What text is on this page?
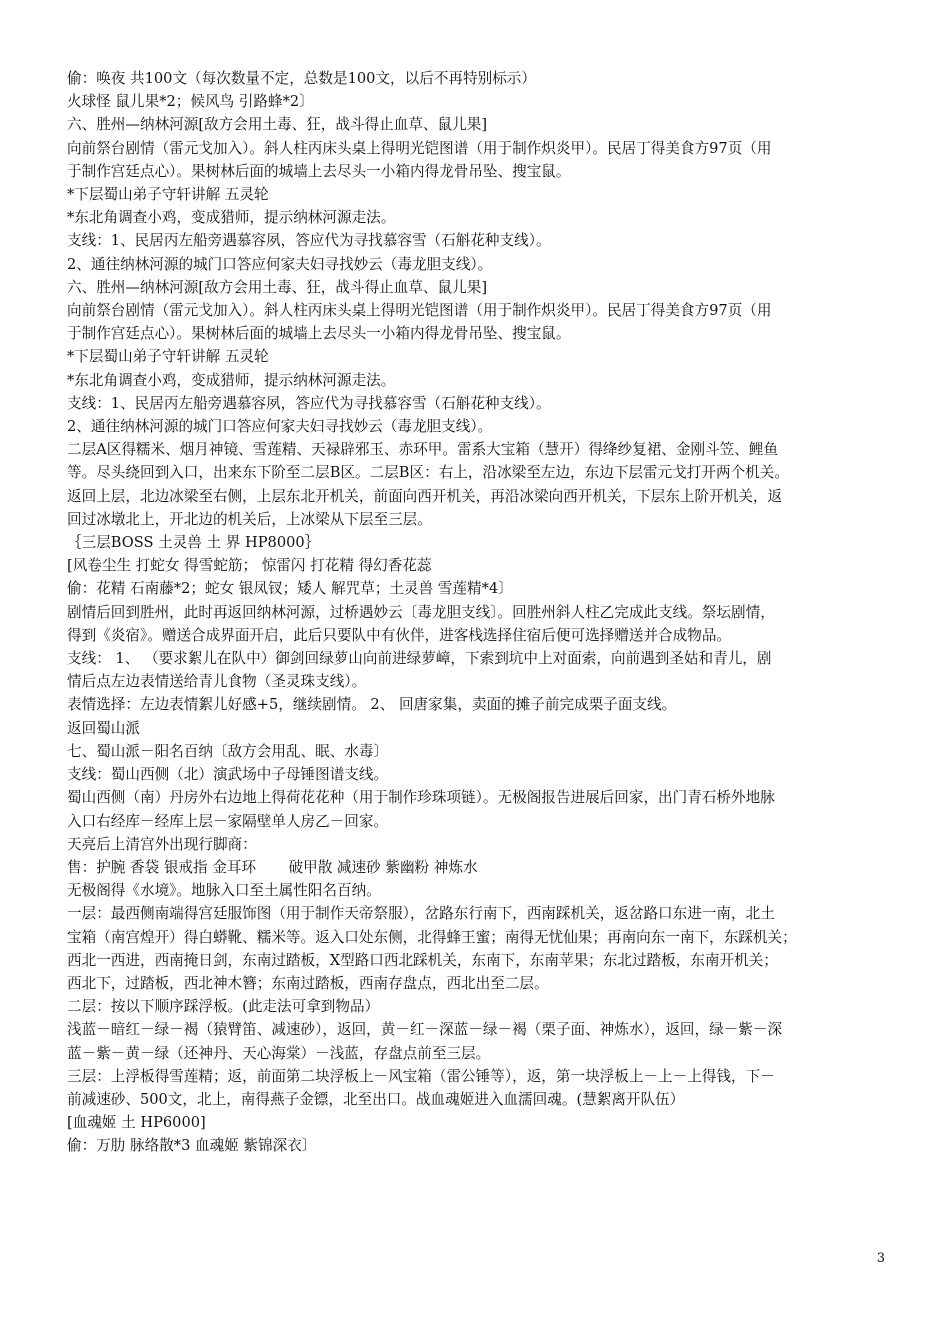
偷：唤夜 共100文（每次数量不定，总数是100文，以后不再特别标示）
火球怪 鼠儿果*2；候风鸟 引路蜂*2〕
六、胜州—纳林河源[敌方会用土毒、狂，战斗得止血草、鼠儿果]
向前祭台剧情（雷元戈加入）。斜人柱丙床头桌上得明光铠图谱（用于制作炽炎甲）。民居丁得美食方97页（用
于制作宫廷点心）。果树林后面的城墙上去尽头一小箱内得龙骨吊坠、搜宝鼠。
*下层蜀山弟子守轩讲解 五灵轮
*东北角调查小鸡，变成猎师，提示纳林河源走法。
支线：1、民居丙左船旁遇慕容夙，答应代为寻找慕容雪（石斛花种支线）。
2、通往纳林河源的城门口答应何家夫妇寻找妙云（毒龙胆支线）。
六、胜州—纳林河源[敌方会用土毒、狂，战斗得止血草、鼠儿果]
向前祭台剧情（雷元戈加入）。斜人柱丙床头桌上得明光铠图谱（用于制作炽炎甲）。民居丁得美食方97页（用
于制作宫廷点心）。果树林后面的城墙上去尽头一小箱内得龙骨吊坠、搜宝鼠。
*下层蜀山弟子守轩讲解 五灵轮
*东北角调查小鸡，变成猎师，提示纳林河源走法。
支线：1、民居丙左船旁遇慕容夙，答应代为寻找慕容雪（石斛花种支线）。
2、通往纳林河源的城门口答应何家夫妇寻找妙云（毒龙胆支线）。
二层A区得糯米、烟月神镜、雪莲精、天禄辟邪玉、赤环甲。雷系大宝箱（慧开）得绛纱复裙、金刚斗笠、鲤鱼
等。尽头绕回到入口，出来东下阶至二层B区。二层B区：右上，沿冰梁至左边，东边下层雷元戈打开两个机关。
返回上层，北边冰梁至右侧，上层东北开机关，前面向西开机关，再沿冰梁向西开机关，下层东上阶开机关，返
回过冰墩北上，开北边的机关后，上冰梁从下层至三层。
｛三层BOSS 土灵兽 土 界 HP8000｝
[风卷尘生 打蛇女 得雪蛇筋； 惊雷闪 打花精 得幻香花蕊
偷：花精 石南藤*2；蛇女 银凤钗；矮人 解咒草；土灵兽 雪莲精*4〕
剧情后回到胜州，此时再返回纳林河源，过桥遇妙云〔毒龙胆支线〕。回胜州斜人柱乙完成此支线。祭坛剧情，
得到《炎宿》。赠送合成界面开启，此后只要队中有伙伴，进客栈选择住宿后便可选择赠送并合成物品。
支线： 1、 （要求絮儿在队中）御剑回绿萝山向前进绿萝嶂，下索到坑中上对面索，向前遇到圣姑和青儿，剧
情后点左边表情送给青儿食物（圣灵珠支线）。
表情选择：左边表情絮儿好感+5，继续剧情。 2、 回唐家集，卖面的摊子前完成栗子面支线。
返回蜀山派
七、蜀山派－阳名百纳〔敌方会用乱、眠、水毒〕
支线：蜀山西侧（北）演武场中子母锤图谱支线。
蜀山西侧（南）丹房外右边地上得荷花花种（用于制作珍珠项链）。无极阁报告进展后回家，出门青石桥外地脉
入口右经库－经库上层－家隔壁单人房乙－回家。
天亮后上清宫外出现行脚商：
售：护腕 香袋 银戒指 金耳环       破甲散 减速砂 紫幽粉 神炼水
无极阁得《水境》。地脉入口至土属性阳名百纳。
一层：最西侧南端得宫廷服饰图（用于制作天帝祭服），岔路东行南下，西南踩机关，返岔路口东进一南，北土
宝箱（南宫煌开）得白蟒靴、糯米等。返入口处东侧，北得蜂王蜜；南得无忧仙果；再南向东一南下，东踩机关；
西北一西进，西南掩日剑，东南过踏板，X型路口西北踩机关，东南下，东南苹果；东北过踏板，东南开机关；
西北下，过踏板，西北神木簪；东南过踏板，西南存盘点，西北出至二层。
二层：按以下顺序踩浮板。(此走法可拿到物品）
浅蓝－暗红－绿－褐（猿臂笛、减速砂），返回，黄－红－深蓝－绿－褐（栗子面、神炼水），返回，绿－紫－深
蓝－紫－黄－绿（还神丹、天心海棠）－浅蓝，存盘点前至三层。
三层：上浮板得雪莲精；返，前面第二块浮板上－风宝箱（雷公锤等），返，第一块浮板上－上－上得钱，下－
前减速砂、500文，北上，南得燕子金镖，北至出口。战血魂姬进入血濡回魂。(慧絮离开队伍）
[血魂姬 土 HP6000]
偷：万肋 脉络散*3 血魂姬 紫锦深衣〕
3
